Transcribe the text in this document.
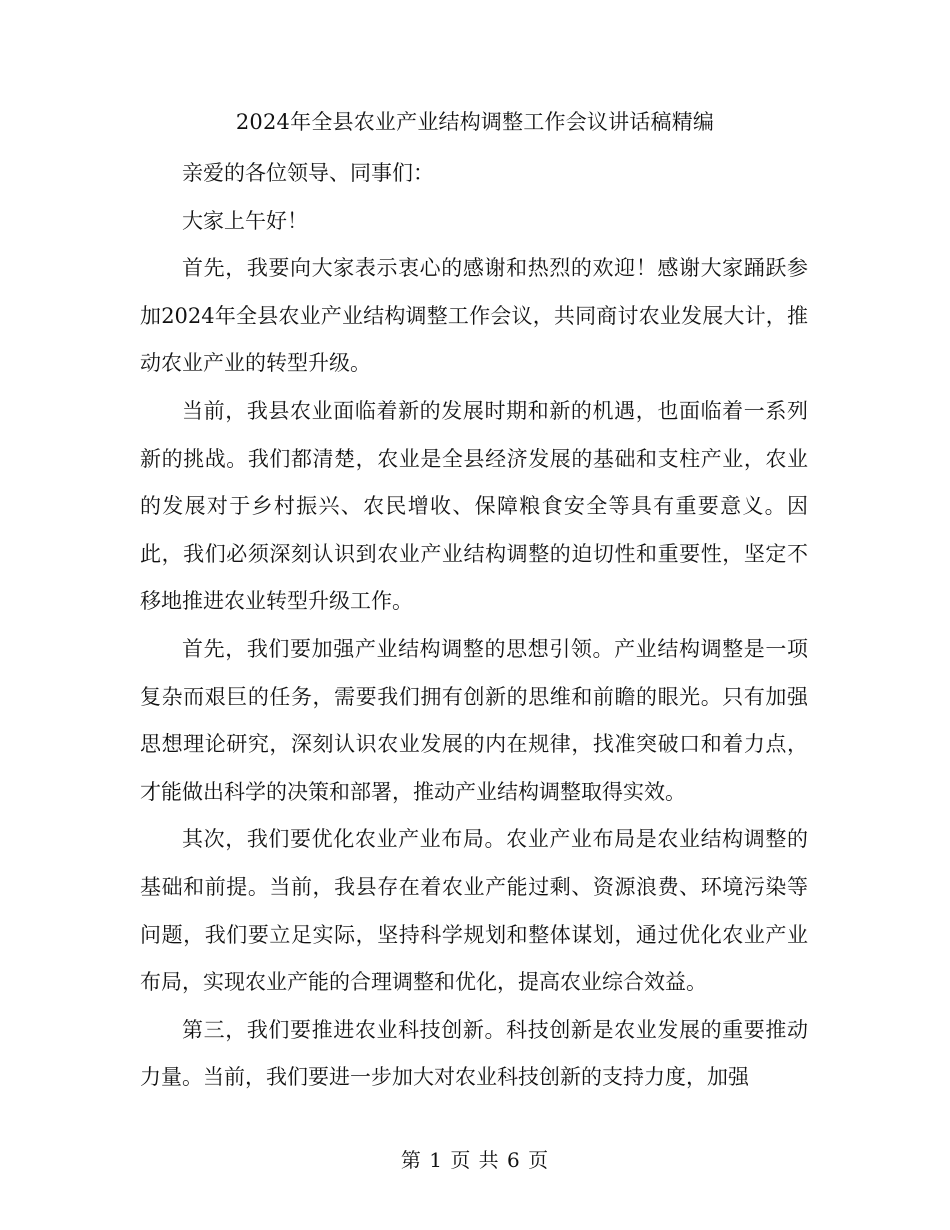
2024年全县农业产业结构调整工作会议讲话稿精编

亲爱的各位领导、同事们：

大家上午好！

首先，我要向大家表示衷心的感谢和热烈的欢迎！感谢大家踊跃参加2024年全县农业产业结构调整工作会议，共同商讨农业发展大计，推动农业产业的转型升级。

当前，我县农业面临着新的发展时期和新的机遇，也面临着一系列新的挑战。我们都清楚，农业是全县经济发展的基础和支柱产业，农业的发展对于乡村振兴、农民增收、保障粮食安全等具有重要意义。因此，我们必须深刻认识到农业产业结构调整的迫切性和重要性，坚定不移地推进农业转型升级工作。

首先，我们要加强产业结构调整的思想引领。产业结构调整是一项复杂而艰巨的任务，需要我们拥有创新的思维和前瞻的眼光。只有加强思想理论研究，深刻认识农业发展的内在规律，找准突破口和着力点，才能做出科学的决策和部署，推动产业结构调整取得实效。

其次，我们要优化农业产业布局。农业产业布局是农业结构调整的基础和前提。当前，我县存在着农业产能过剩、资源浪费、环境污染等问题，我们要立足实际，坚持科学规划和整体谋划，通过优化农业产业布局，实现农业产能的合理调整和优化，提高农业综合效益。

第三，我们要推进农业科技创新。科技创新是农业发展的重要推动力量。当前，我们要进一步加大对农业科技创新的支持力度，加强

第 1 页 共 6 页
